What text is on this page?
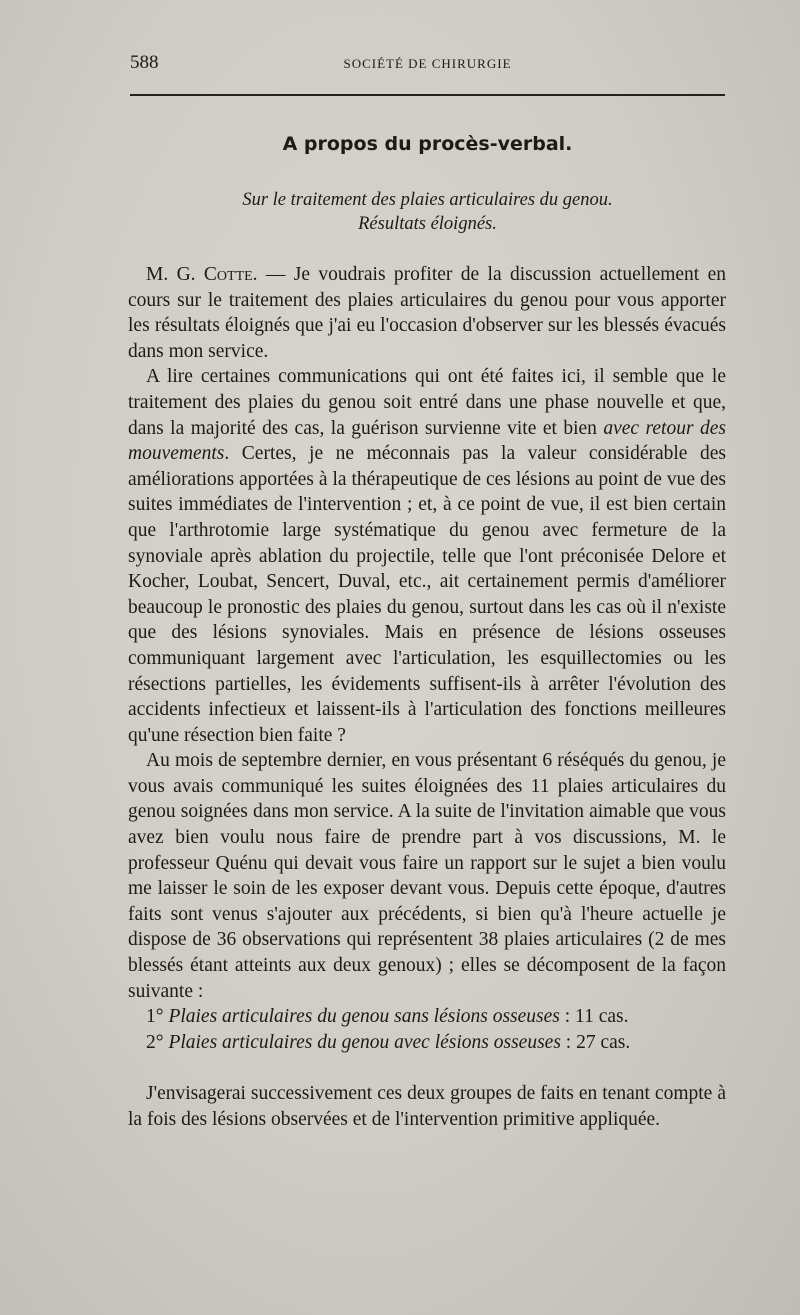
588	SOCIÉTÉ DE CHIRURGIE
A propos du procès-verbal.
Sur le traitement des plaies articulaires du genou.
Résultats éloignés.

M. G. Cotte. — Je voudrais profiter de la discussion actuellement en cours sur le traitement des plaies articulaires du genou pour vous apporter les résultats éloignés que j'ai eu l'occasion d'observer sur les blessés évacués dans mon service.

A lire certaines communications qui ont été faites ici, il semble que le traitement des plaies du genou soit entré dans une phase nouvelle et que, dans la majorité des cas, la guérison survienne vite et bien avec retour des mouvements. Certes, je ne méconnais pas la valeur considérable des améliorations apportées à la thérapeutique de ces lésions au point de vue des suites immédiates de l'intervention ; et, à ce point de vue, il est bien certain que l'arthrotomie large systématique du genou avec fermeture de la synoviale après ablation du projectile, telle que l'ont préconisée Delore et Kocher, Loubat, Sencert, Duval, etc., ait certainement permis d'améliorer beaucoup le pronostic des plaies du genou, surtout dans les cas où il n'existe que des lésions synoviales. Mais en présence de lésions osseuses communiquant largement avec l'articulation, les esquillectomies ou les résections partielles, les évidements suffisent-ils à arrêter l'évolution des accidents infectieux et laissent-ils à l'articulation des fonctions meilleures qu'une résection bien faite ?

Au mois de septembre dernier, en vous présentant 6 réséqués du genou, je vous avais communiqué les suites éloignées des 11 plaies articulaires du genou soignées dans mon service. A la suite de l'invitation aimable que vous avez bien voulu nous faire de prendre part à vos discussions, M. le professeur Quénu qui devait vous faire un rapport sur le sujet a bien voulu me laisser le soin de les exposer devant vous. Depuis cette époque, d'autres faits sont venus s'ajouter aux précédents, si bien qu'à l'heure actuelle je dispose de 36 observations qui représentent 38 plaies articulaires (2 de mes blessés étant atteints aux deux genoux) ; elles se décomposent de la façon suivante :

1° Plaies articulaires du genou sans lésions osseuses : 11 cas.
2° Plaies articulaires du genou avec lésions osseuses : 27 cas.

J'envisagerai successivement ces deux groupes de faits en tenant compte à la fois des lésions observées et de l'intervention primitive appliquée.
